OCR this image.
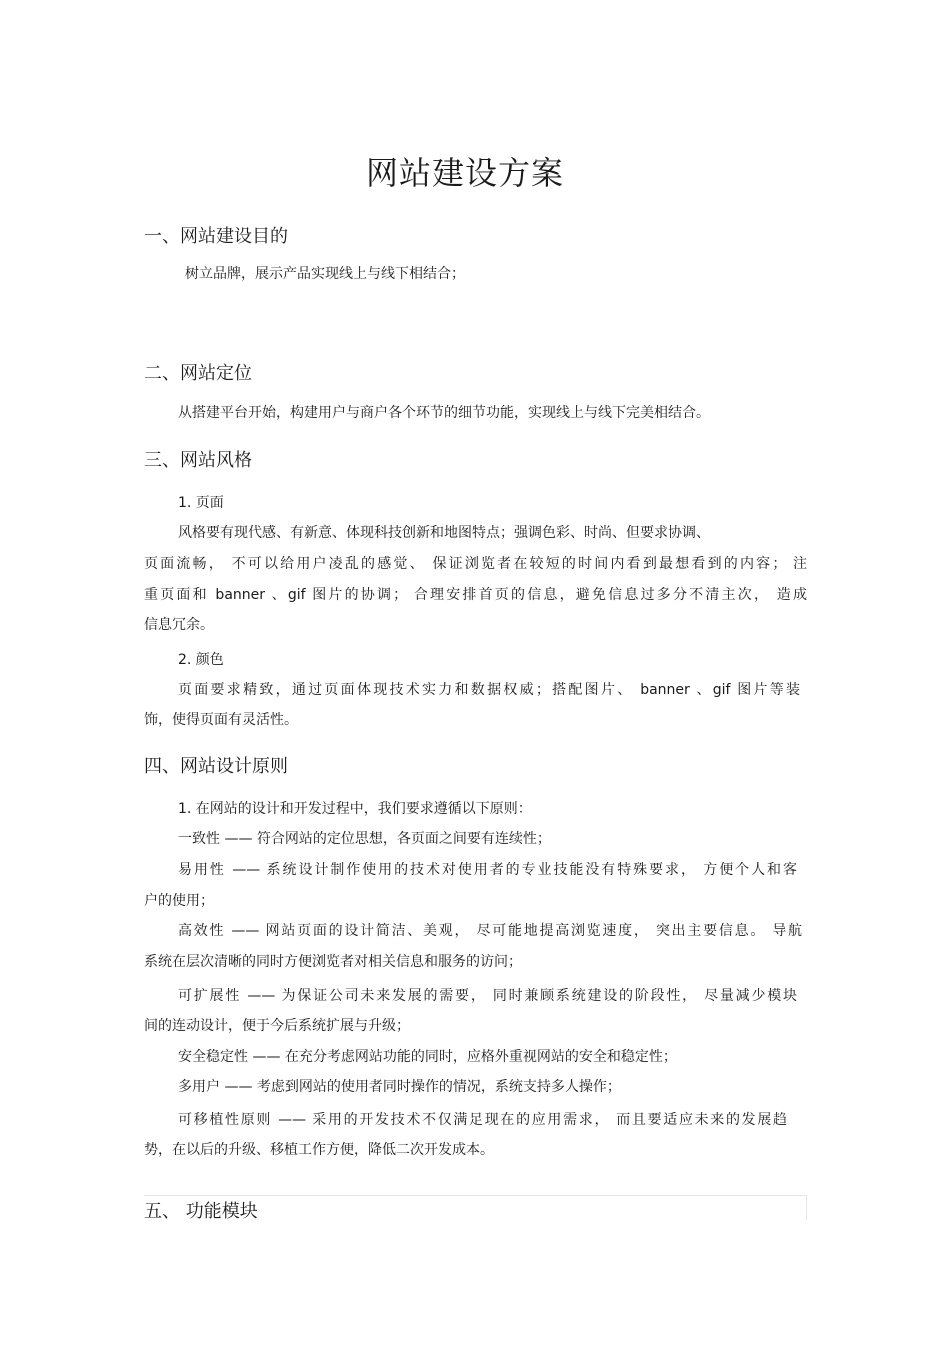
网站建设方案
一、网站建设目的
树立品牌，展示产品实现线上与线下相结合；
二、网站定位
从搭建平台开始，构建用户与商户各个环节的细节功能，实现线上与线下完美相结合。
三、网站风格
1. 页面
风格要有现代感、有新意、体现科技创新和地图特点；强调色彩、时尚、但要求协调、
页面流畅， 不可以给用户凌乱的感觉、 保证浏览者在较短的时间内看到最想看到的内容； 注
重页面和 banner 、gif 图片的协调； 合理安排首页的信息，避免信息过多分不清主次， 造成
信息冗余。
2. 颜色
页面要求精致，通过页面体现技术实力和数据权威；搭配图片、 banner 、gif 图片等装
饰，使得页面有灵活性。
四、网站设计原则
1. 在网站的设计和开发过程中，我们要求遵循以下原则：
一致性 —— 符合网站的定位思想，各页面之间要有连续性；
易用性 —— 系统设计制作使用的技术对使用者的专业技能没有特殊要求， 方便个人和客
户的使用；
高效性 —— 网站页面的设计简洁、美观， 尽可能地提高浏览速度， 突出主要信息。 导航
系统在层次清晰的同时方便浏览者对相关信息和服务的访问；
可扩展性 —— 为保证公司未来发展的需要， 同时兼顾系统建设的阶段性， 尽量减少模块
间的连动设计，便于今后系统扩展与升级；
安全稳定性 —— 在充分考虑网站功能的同时，应格外重视网站的安全和稳定性；
多用户 —— 考虑到网站的使用者同时操作的情况，系统支持多人操作；
可移植性原则 —— 采用的开发技术不仅满足现在的应用需求， 而且要适应未来的发展趋
势，在以后的升级、移植工作方便，降低二次开发成本。
五、 功能模块
